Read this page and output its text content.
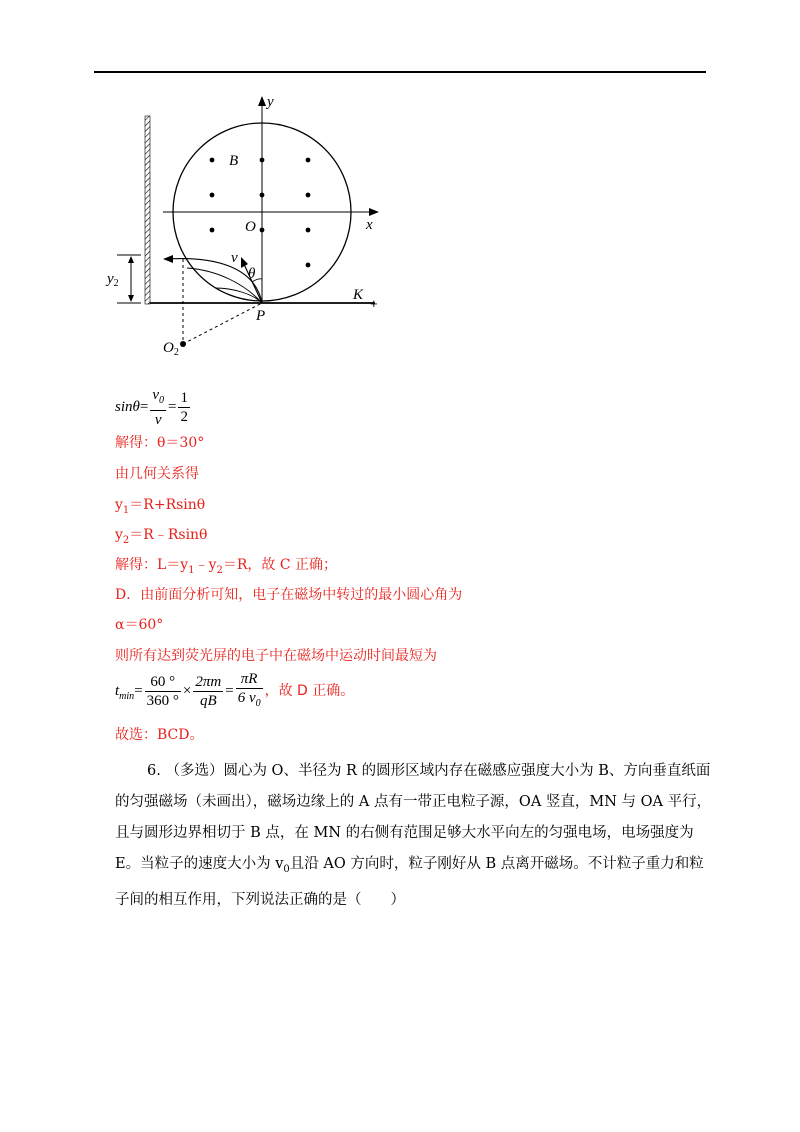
y
x
B
O
v
θ
$y_2$
P
K
$O_2$
+
$\sin\theta= \frac{v_0}{v} = \frac{1}{2}$
解得：θ＝30°
由几何关系得
$y_1=R+Rsin\theta$
$y_2=R﹣Rsin\theta$
解得：$L=y_1﹣y_2=R$，故 C 正确；
D．由前面分析可知，电子在磁场中转过的最小圆心角为
α＝60°
则所有达到荧光屏的电子中在磁场中运动时间最短为
$t_{min}= \frac{60 ^\circ}{360 ^\circ} \times \frac{2\pi m}{qB} = \frac{\pi R}{6 v_0}$ ，故 D 正确。
故选：BCD。
6. （多选）圆心为 O、半径为 R 的圆形区域内存在磁感应强度大小为 B、方向垂直纸面的匀强磁场（未画出），磁场边缘上的 A 点有一带正电粒子源，OA 竖直，MN 与 OA 平行，且与圆形边界相切于 B 点，在 MN 的右侧有范围足够大水平向左的匀强电场，电场强度为 E。当粒子的速度大小为 $v_0$且沿 AO 方向时，粒子刚好从 B 点离开磁场。不计粒子重力和粒子间的相互作用，下列说法正确的是（　　）
